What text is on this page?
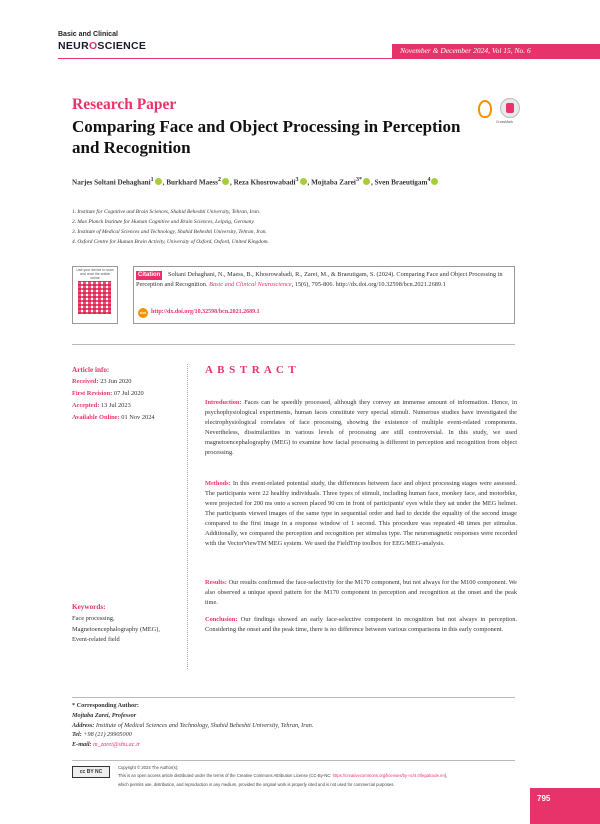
Basic and Clinical
NEUROSCIENCE	November & December 2024, Vol 15, No. 6
Research Paper
Comparing Face and Object Processing in Perception and Recognition

CrossMark
Narjes Soltani Dehaghani$^1$ , Burkhard Maess$^2$ , Reza Khosrowabadi$^3$ , Mojtaba Zarei$^{3*}$ , Sven Braeutigam$^4$
1. Institute for Cognitive and Brain Sciences, Shahid Beheshti University, Tehran, Iran.
2. Max Planck Institute for Human Cognitive and Brain Sciences, Leipzig, Germany.
3. Institute of Medical Sciences and Technology, Shahid Beheshti University, Tehran, Iran.
4. Oxford Centre for Human Brain Activity, University of Oxford, Oxford, United Kingdom.
Use your device to scan and read the article online	Soltani Dehaghani, N., Maess, B., Khosrowabadi, R., Zarei, M., & Braeutigam, S. (2024). Comparing Face and Object Processing in Perception and Recognition. Basic and Clinical Neuroscience, 15(6), 795-806. http://dx.doi.org/10.32598/bcn.2021.2689.1
Citation
doi http://dx.doi.org/10.32598/bcn.2021.2689.1
Article info:
Received: 23 Jun 2020
First Revision: 07 Jul 2020
Accepted: 13 Jul 2023
Available Online: 01 Nov 2024
Keywords:
Face processing, Magnetoencephalography (MEG), Event-related field
A B S T R A C T
Introduction: Faces can be speedily processed, although they convey an immense amount of information. Hence, in psychophysiological experiments, human faces constitute very special stimuli. Numerous studies have investigated the electrophysiological correlates of face processing, showing the existence of multiple event-related components. Nevertheless, dissimilarities in various levels of processing are still controversial. In this study, we used magnetoencephalography (MEG) to examine how facial processing is different in perception and recognition from object processing.
Methods: In this event-related potential study, the differences between face and object processing stages were assessed. The participants were 22 healthy individuals. Three types of stimuli, including human face, monkey face, and motorbike, were projected for 200 ms onto a screen placed 90 cm in front of participants' eyes while they sat under the MEG helmet. The participants viewed images of the same type in sequential order and had to decide the equality of the second image compared to the first image in a response window of 1 second. This procedure was repeated 48 times per stimulus. Additionally, we compared the perception and recognition per stimulus type. The neuromagnetic responses were recorded with the VectorViewTM MEG system. We used the FieldTrip toolbox for EEG/MEG-analysis.
Results: Our results confirmed the face-selectivity for the M170 component, but not always for the M100 component. We also observed a unique speed pattern for the M170 component in perception and recognition at the onset and the peak time.
Conclusion: Our findings showed an early face-selective component in recognition but not always in perception. Considering the onset and the peak time, there is no difference between various comparisons in this early component.
* Corresponding Author:
Mojtaba Zarei, Professor
Address: Institute of Medical Sciences and Technology, Shahid Beheshti University, Tehran, Iran.
Tel: +98 (21) 29905000
E-mail: m_zarei@sbu.ac.ir
cc BY NC
Copyright © 2024 The Author(s);
This is an open access article distributed under the terms of the Creative Commons Attribution License (CC-By-NC: https://creativecommons.org/licenses/by-nc/4.0/legalcode.en),
which permits use, distribution, and reproduction in any medium, provided the original work is properly cited and is not used for commercial purposes.
795
